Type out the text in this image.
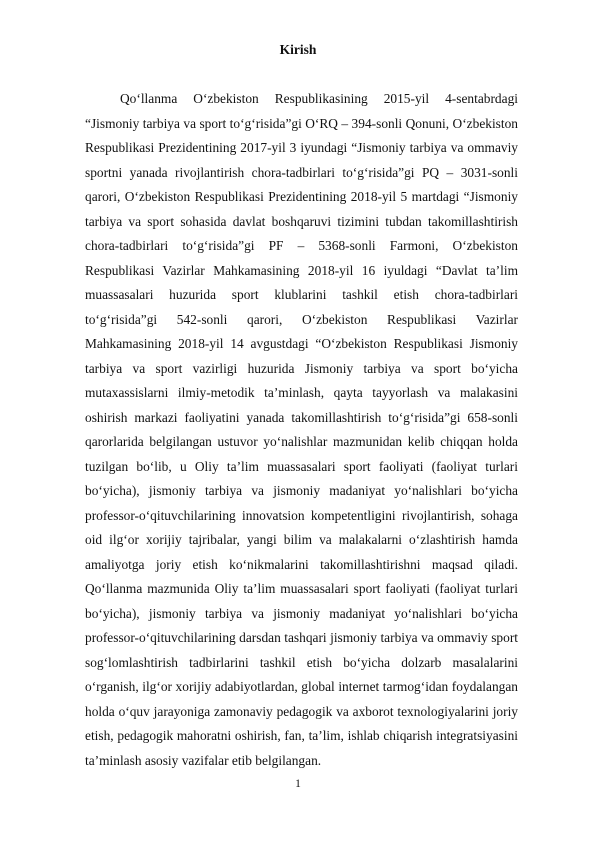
Kirish

Qo‘llanma O‘zbekiston Respublikasining 2015-yil 4-sentabrdagi “Jismoniy tarbiya va sport to‘g‘risida”gi O‘RQ – 394-sonli Qonuni, O‘zbekiston Respublikasi Prezidentining 2017-yil 3 iyundagi “Jismoniy tarbiya va ommaviy sportni yanada rivojlantirish chora-tadbirlari to‘g‘risida”gi PQ – 3031-sonli qarori, O‘zbekiston Respublikasi Prezidentining 2018-yil 5 martdagi “Jismoniy tarbiya va sport sohasida davlat boshqaruvi tizimini tubdan takomillashtirish chora-tadbirlari to‘g‘risida”gi PF – 5368-sonli Farmoni, O‘zbekiston Respublikasi Vazirlar Mahkamasining 2018-yil 16 iyuldagi “Davlat ta’lim muassasalari huzurida sport klublarini tashkil etish chora-tadbirlari to‘g‘risida”gi 542-sonli qarori, O‘zbekiston Respublikasi Vazirlar Mahkamasining 2018-yil 14 avgustdagi “O‘zbekiston Respublikasi Jismoniy tarbiya va sport vazirligi huzurida Jismoniy tarbiya va sport bo‘yicha mutaxassislarni ilmiy-metodik ta’minlash, qayta tayyorlash va malakasini oshirish markazi faoliyatini yanada takomillashtirish to‘g‘risida”gi 658-sonli qarorlarida belgilangan ustuvor yo‘nalishlar mazmunidan kelib chiqqan holda tuzilgan bo‘lib, u Oliy ta’lim muassasalari sport faoliyati (faoliyat turlari bo‘yicha), jismoniy tarbiya va jismoniy madaniyat yo‘nalishlari bo‘yicha professor-o‘qituvchilarining innovatsion kompetentligini rivojlantirish, sohaga oid ilg‘or xorijiy tajribalar, yangi bilim va malakalarni o‘zlashtirish hamda amaliyotga joriy etish ko‘nikmalarini takomillashtirishni maqsad qiladi. Qo‘llanma mazmunida Oliy ta’lim muassasalari sport faoliyati (faoliyat turlari bo‘yicha), jismoniy tarbiya va jismoniy madaniyat yo‘nalishlari bo‘yicha professor-o‘qituvchilarining darsdan tashqari jismoniy tarbiya va ommaviy sport sog‘lomlashtirish tadbirlarini tashkil etish bo‘yicha dolzarb masalalarini o‘rganish, ilg‘or xorijiy adabiyotlardan, global internet tarmog‘idan foydalangan holda o‘quv jarayoniga zamonaviy pedagogik va axborot texnologiyalarini joriy etish, pedagogik mahoratni oshirish, fan, ta’lim, ishlab chiqarish integratsiyasini ta’minlash asosiy vazifalar etib belgilangan.

1
